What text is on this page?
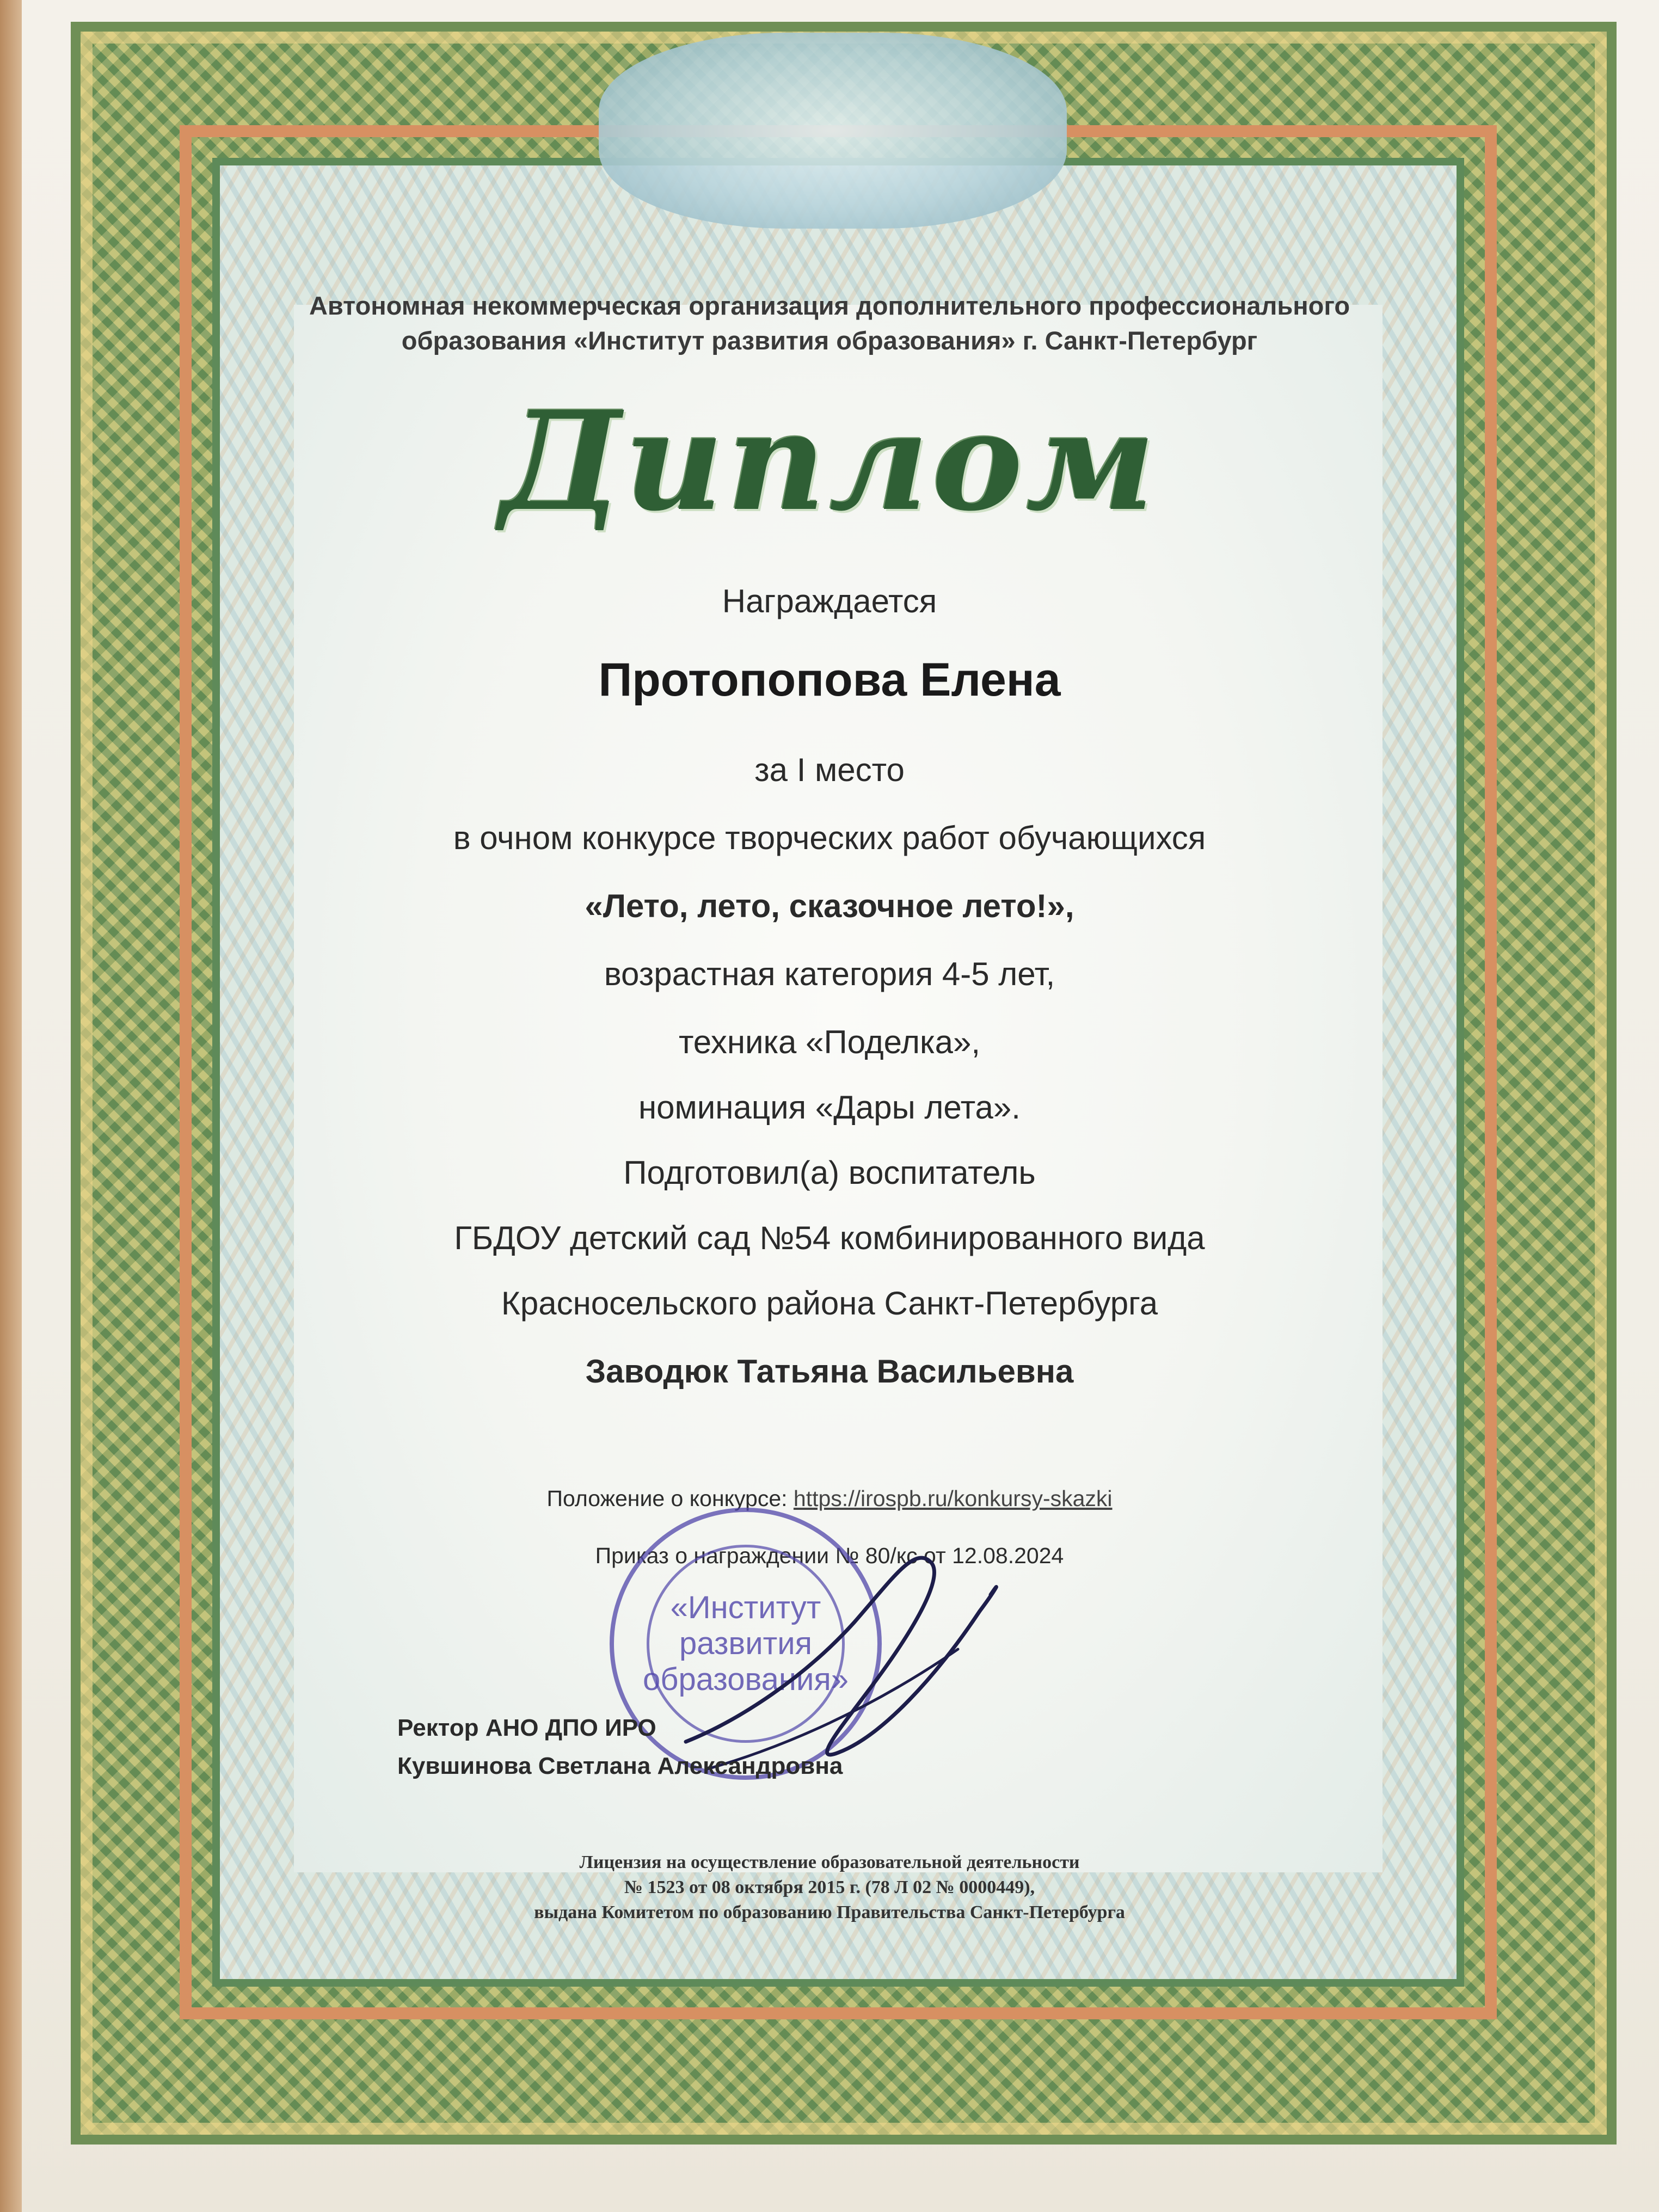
Автономная некоммерческая организация дополнительного профессионального
образования «Институт развития образования» г. Санкт-Петербург
Диплом
Награждается
Протопопова Елена
за I место
в очном конкурсе творческих работ обучающихся
«Лето, лето, сказочное лето!»,
возрастная категория 4-5 лет,
техника «Поделка»,
номинация «Дары лета».
Подготовил(а) воспитатель
ГБДОУ детский сад №54 комбинированного вида
Красносельского района Санкт-Петербурга
Заводюк Татьяна Васильевна
Положение о конкурсе: https://irospb.ru/konkursy-skazki
Приказ о награждении № 80/кс от 12.08.2024
«Институт
развития
образования»
Ректор АНО ДПО ИРО
Кувшинова Светлана Александровна
Лицензия на осуществление образовательной деятельности
№ 1523 от 08 октября 2015 г. (78 Л 02 № 0000449),
выдана Комитетом по образованию Правительства Санкт-Петербурга
